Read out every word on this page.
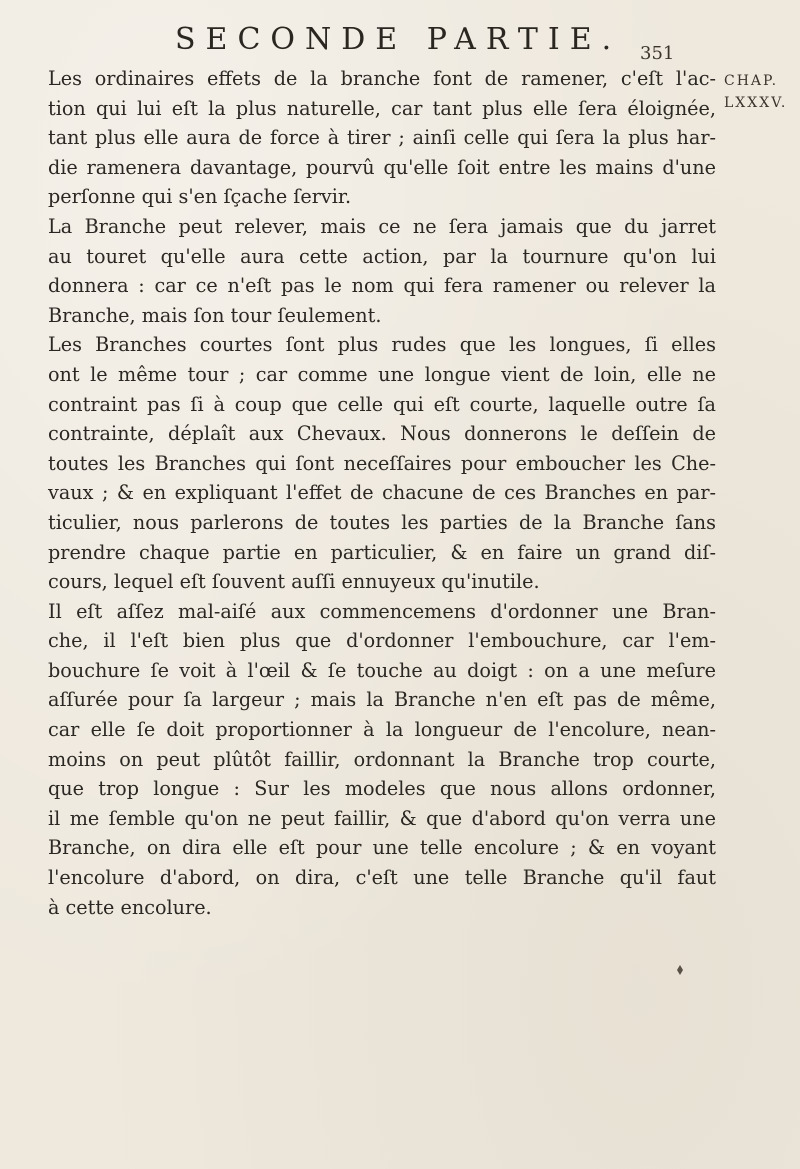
SECONDE PARTIE. 351
CHAP.
LXXXV.
Les ordinaires effets de la branche font de ramener, c'eſt l'ac-
tion qui lui eſt la plus naturelle, car tant plus elle ſera éloignée,
tant plus elle aura de force à tirer ; ainſi celle qui ſera la plus har-
die ramenera davantage, pourvû qu'elle ſoit entre les mains d'une
perſonne qui s'en ſçache ſervir.
La Branche peut relever, mais ce ne ſera jamais que du jarret
au touret qu'elle aura cette action, par la tournure qu'on lui
donnera : car ce n'eſt pas le nom qui fera ramener ou relever la
Branche, mais ſon tour ſeulement.
Les Branches courtes ſont plus rudes que les longues, ſi elles
ont le même tour ; car comme une longue vient de loin, elle ne
contraint pas ſi à coup que celle qui eſt courte, laquelle outre ſa
contrainte, déplaît aux Chevaux. Nous donnerons le deſſein de
toutes les Branches qui ſont neceſſaires pour emboucher les Che-
vaux ; & en expliquant l'effet de chacune de ces Branches en par-
ticulier, nous parlerons de toutes les parties de la Branche ſans
prendre chaque partie en particulier, & en faire un grand diſ-
cours, lequel eſt ſouvent auſſi ennuyeux qu'inutile.
Il eſt aſſez mal-aiſé aux commencemens d'ordonner une Bran-
che, il l'eſt bien plus que d'ordonner l'embouchure, car l'em-
bouchure ſe voit à l'œil & ſe touche au doigt : on a une meſure
aſſurée pour ſa largeur ; mais la Branche n'en eſt pas de même,
car elle ſe doit proportionner à la longueur de l'encolure, nean-
moins on peut plûtôt faillir, ordonnant la Branche trop courte,
que trop longue : Sur les modeles que nous allons ordonner,
il me ſemble qu'on ne peut faillir, & que d'abord qu'on verra une
Branche, on dira elle eſt pour une telle encolure ; & en voyant
l'encolure d'abord, on dira, c'eſt une telle Branche qu'il faut
à cette encolure.
